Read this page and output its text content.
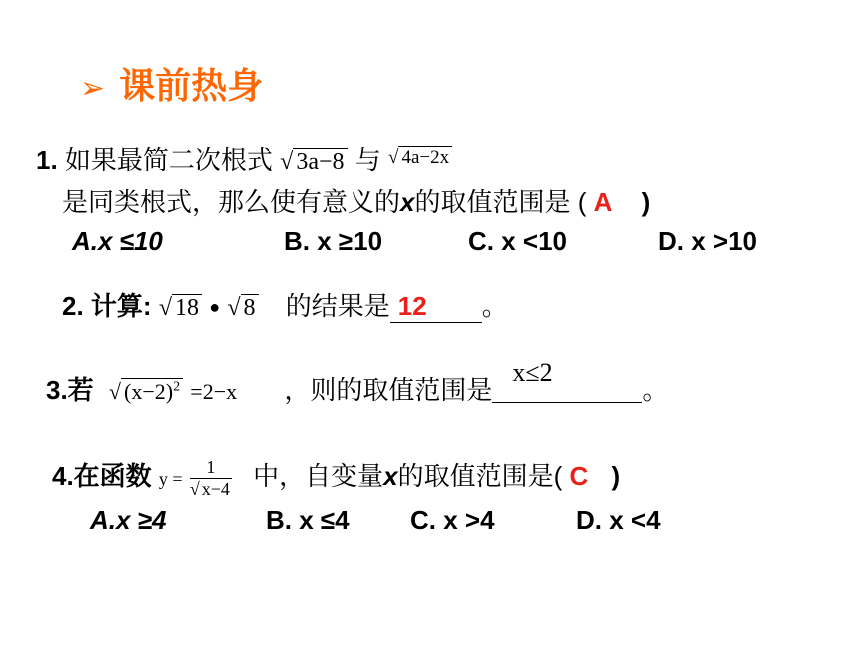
➢ 课前热身
1. 如果最简二次根式 √ 3a−8 与 √ 4a−2x
是同类根式，那么使有意义的x的取值范围是 ( A )
A.x ≤10	B. x ≥10	C. x <10	D. x >10
2. 计算: √ 18 ● √ 8 的结果是 12 。
3.若 √ $(x-2)^2 =2-x$ ，则的取值范围是
x≤2
。
4.在函数 $y = \frac{1}{√ x-4}$ 中，自变量x的取值范围是( C )
A.x ≥4	B. x ≤4 C. x >4	D. x <4
